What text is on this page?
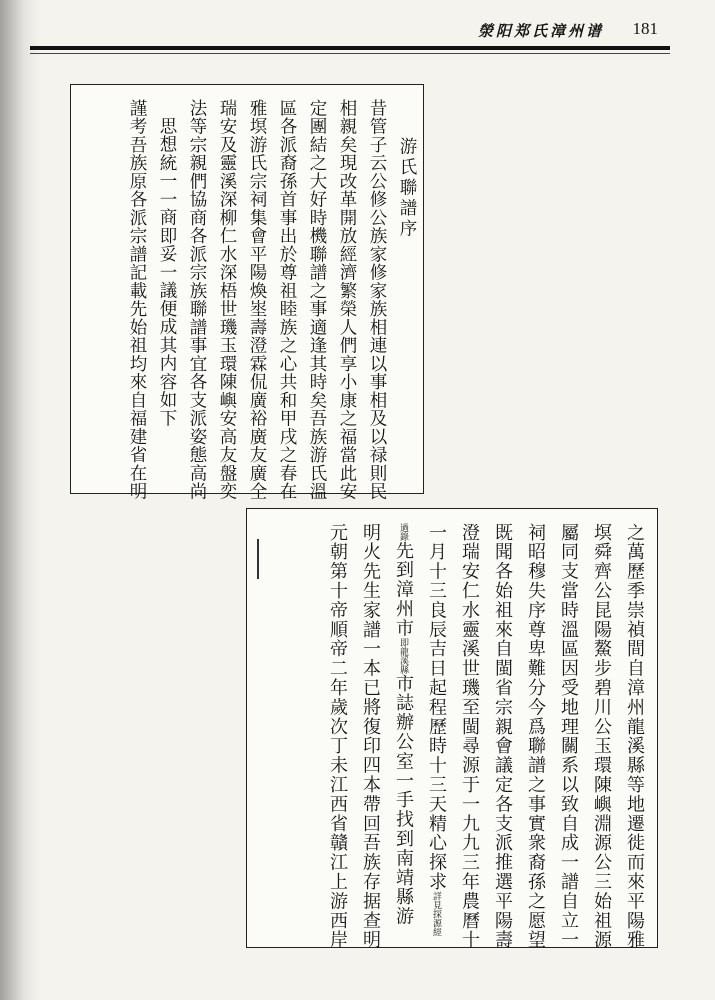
滎阳郑氏漳州谱 181
游氏聯譜序
昔管子云公修公族家修家族相連以事相及以禄則民
相親矣現改革開放經濟繁榮人們享小康之福當此安
定團結之大好時機聯譜之事適逢其時矣吾族游氏溫
區各派裔孫首事出於尊祖睦族之心共和甲戌之春在
雅塓游氏宗祠集會平陽煥埊壽澄霖侃廣裕廣友廣全
瑞安及靈溪深柳仁水深梧世璣玉環陳嶼安高友盤奕
法等宗親們協商各派宗族聯譜事宜各支派姿態高尚
思想統一一商即妥一議便成其内容如下
謹考吾族原各派宗譜記載先始祖均來自福建省在明
之萬歷季崇禎間自漳州龍溪縣等地遷徙而來平陽雅
塓舜齊公昆陽鰲步碧川公玉環陳嶼淵源公三始祖源
屬同支當時溫區因受地理關系以致自成一譜自立一
祠昭穆失序尊卑難分今爲聯譜之事實衆裔孫之愿望
既聞各始祖來自閩省宗親會議定各支派推選平陽壽
澄瑞安仁水靈溪世璣至閩尋源于一九九三年農曆十
一月十三良辰吉日起程歷時十三天精心探求詳見探源經
過錄先到漳州市即龍溪縣市誌辦公室一手找到南靖縣游
明火先生家譜一本已將復印四本帶回吾族存据查明
元朝第十帝順帝二年歲次丁未江西省贛江上游西岸
